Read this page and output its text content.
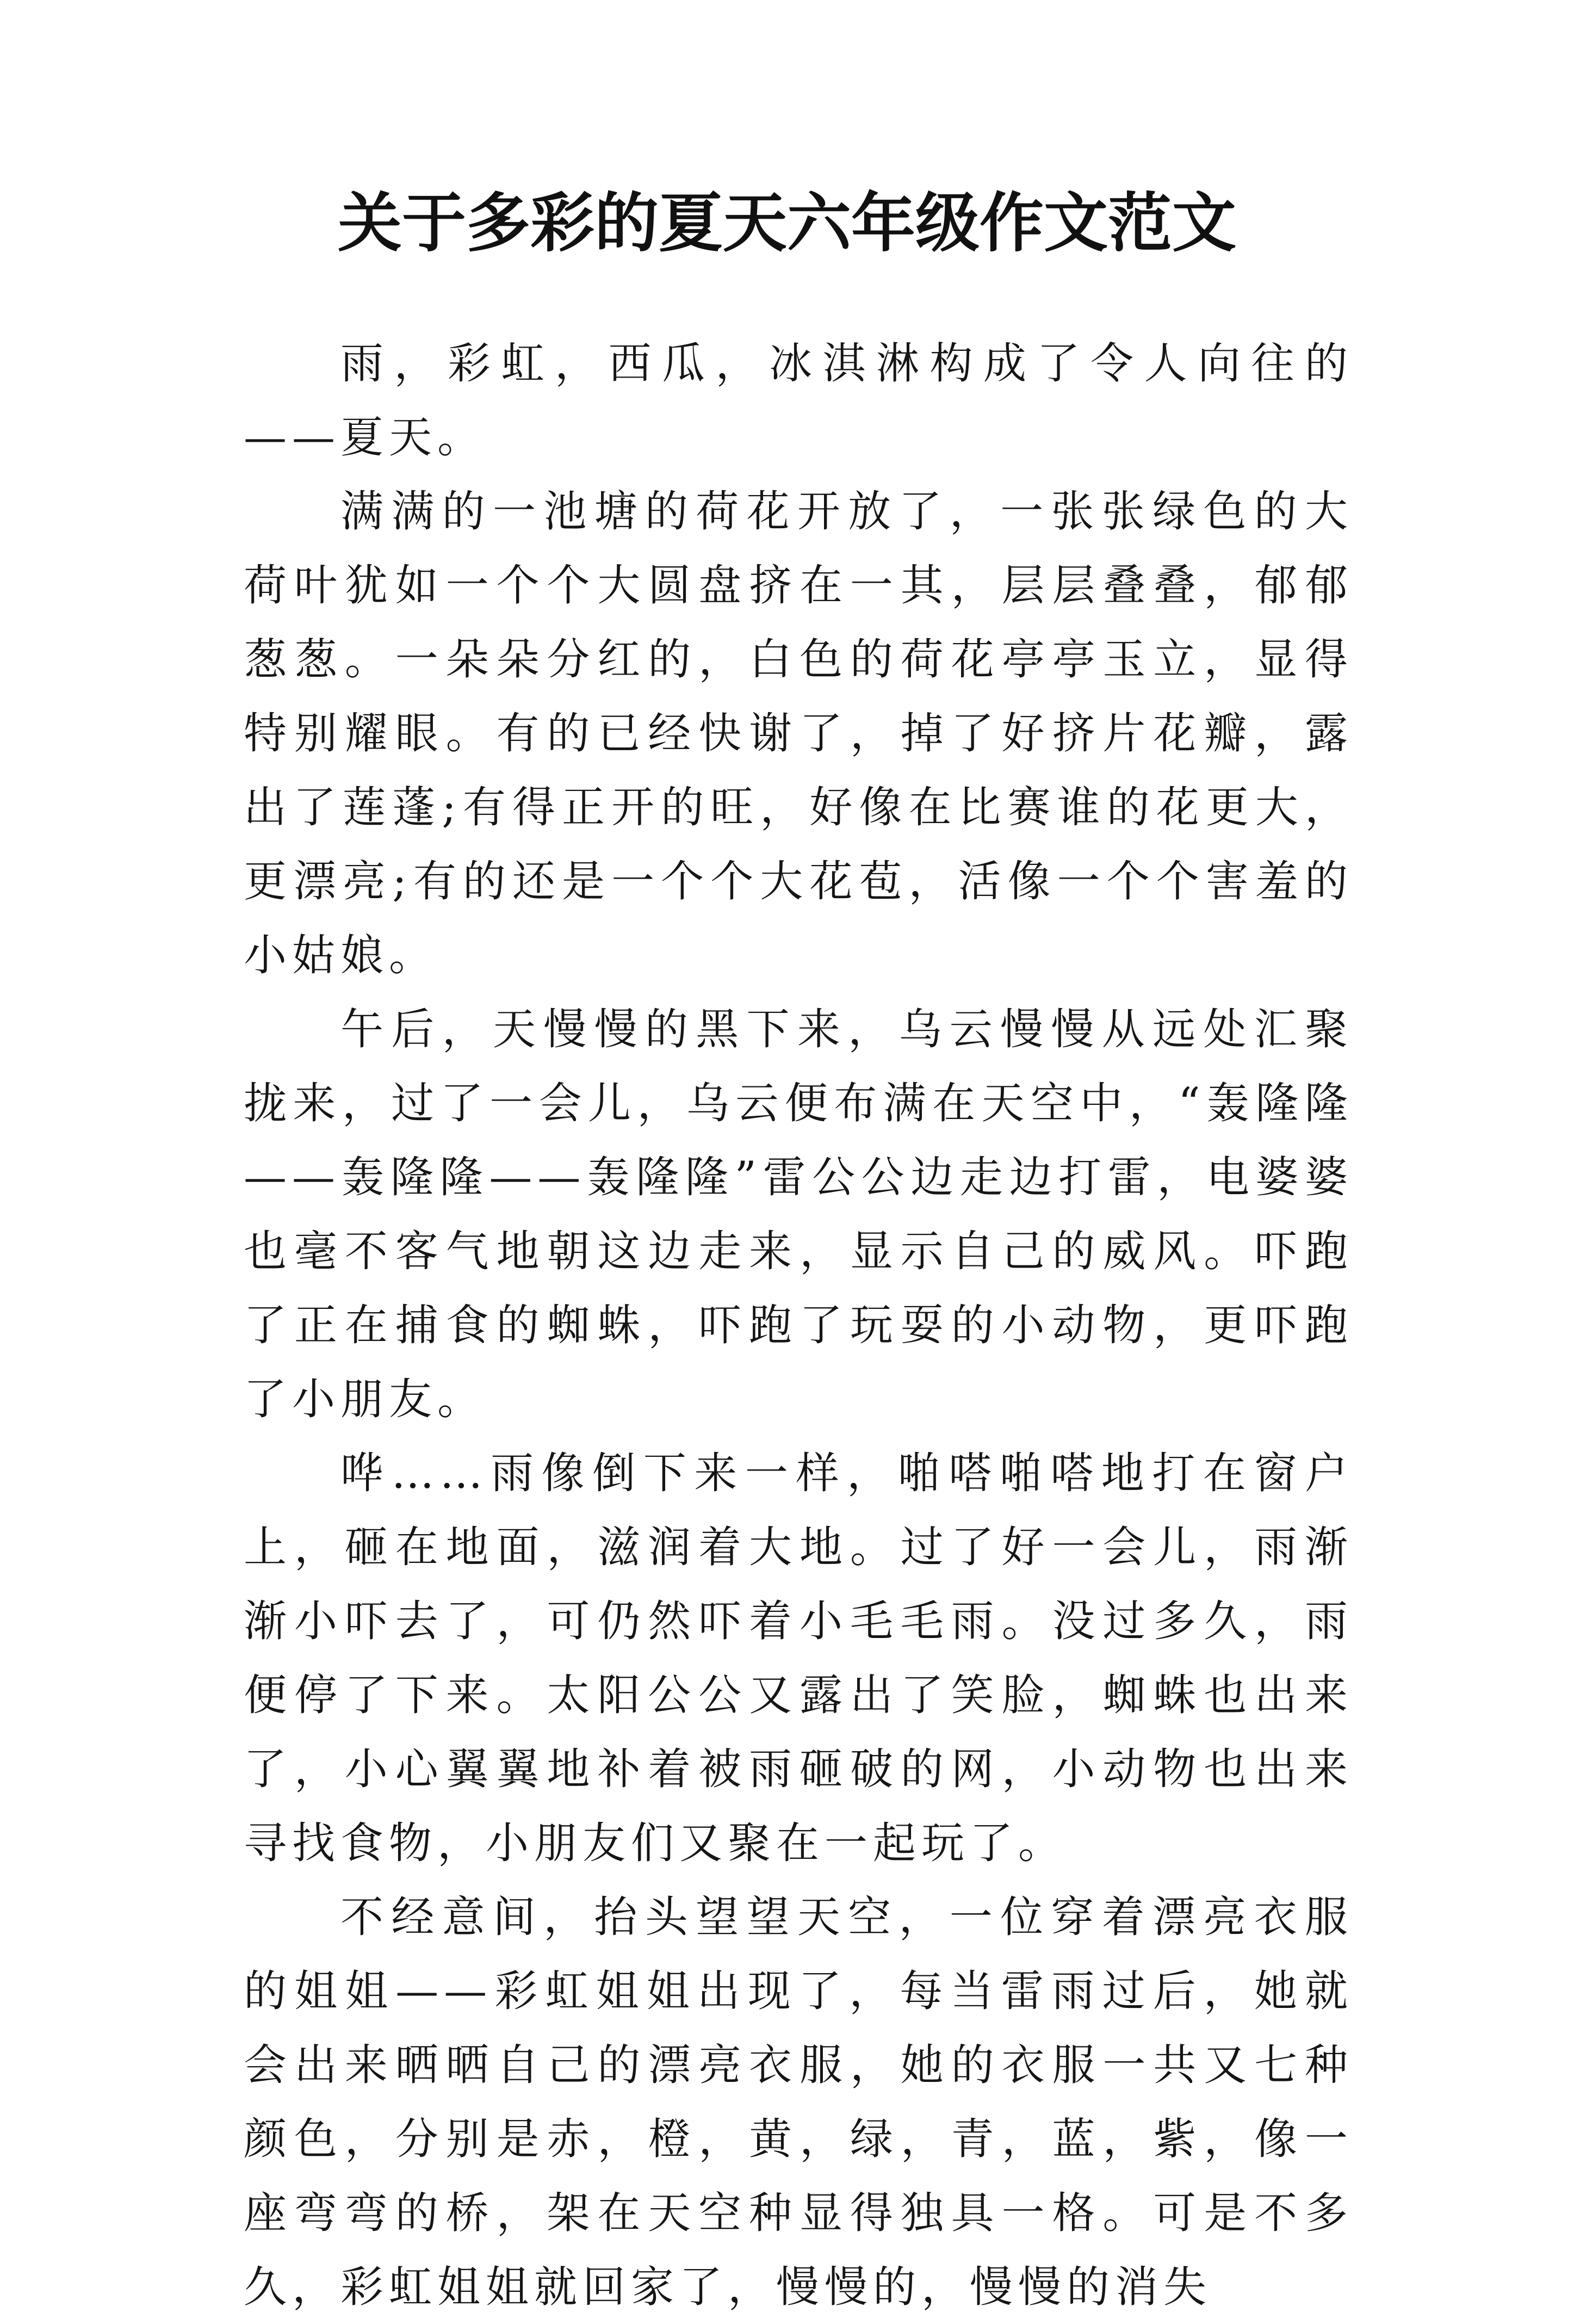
关于多彩的夏天六年级作文范文

雨，彩虹，西瓜，冰淇淋构成了令人向往的——夏天。

满满的一池塘的荷花开放了，一张张绿色的大荷叶犹如一个个大圆盘挤在一其，层层叠叠，郁郁葱葱。一朵朵分红的，白色的荷花亭亭玉立，显得特别耀眼。有的已经快谢了，掉了好挤片花瓣，露出了莲蓬;有得正开的旺，好像在比赛谁的花更大，更漂亮;有的还是一个个大花苞，活像一个个害羞的小姑娘。

午后，天慢慢的黑下来，乌云慢慢从远处汇聚拢来，过了一会儿，乌云便布满在天空中，“轰隆隆——轰隆隆——轰隆隆”雷公公边走边打雷，电婆婆也毫不客气地朝这边走来，显示自己的威风。吓跑了正在捕食的蜘蛛，吓跑了玩耍的小动物，更吓跑了小朋友。

哗……雨像倒下来一样，啪嗒啪嗒地打在窗户上，砸在地面，滋润着大地。过了好一会儿，雨渐渐小吓去了，可仍然吓着小毛毛雨。没过多久，雨便停了下来。太阳公公又露出了笑脸，蜘蛛也出来了，小心翼翼地补着被雨砸破的网，小动物也出来寻找食物，小朋友们又聚在一起玩了。

不经意间，抬头望望天空，一位穿着漂亮衣服的姐姐——彩虹姐姐出现了，每当雷雨过后，她就会出来晒晒自己的漂亮衣服，她的衣服一共又七种颜色，分别是赤，橙，黄，绿，青，蓝，紫，像一座弯弯的桥，架在天空种显得独具一格。可是不多久，彩虹姐姐就回家了，慢慢的，慢慢的消失
